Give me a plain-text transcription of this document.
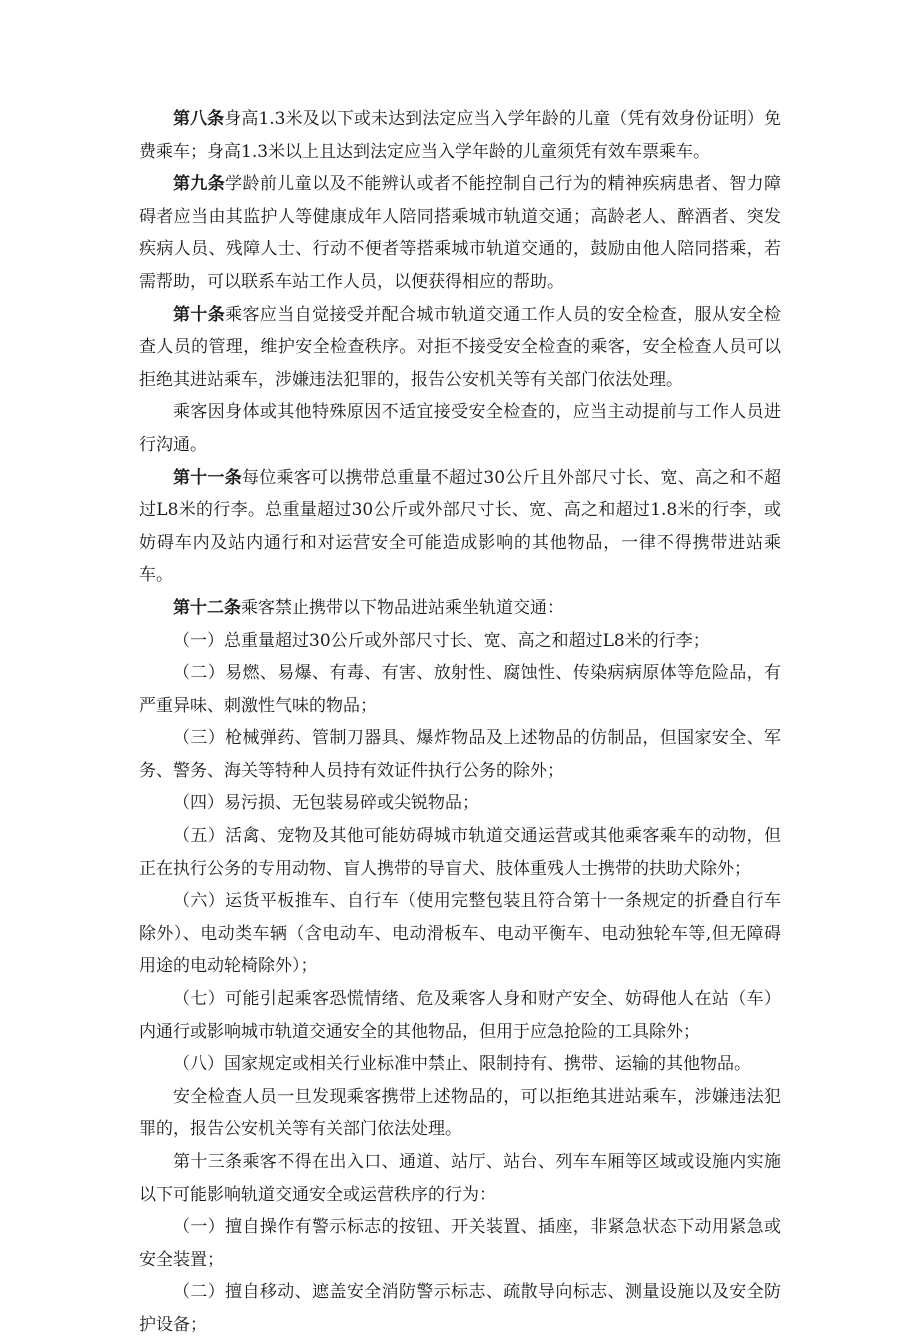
第八条身高1.3米及以下或未达到法定应当入学年龄的儿童（凭有效身份证明）免费乘车；身高1.3米以上且达到法定应当入学年龄的儿童须凭有效车票乘车。

第九条学龄前儿童以及不能辨认或者不能控制自己行为的精神疾病患者、智力障碍者应当由其监护人等健康成年人陪同搭乘城市轨道交通；高龄老人、醉酒者、突发疾病人员、残障人士、行动不便者等搭乘城市轨道交通的，鼓励由他人陪同搭乘，若需帮助，可以联系车站工作人员，以便获得相应的帮助。

第十条乘客应当自觉接受并配合城市轨道交通工作人员的安全检查，服从安全检查人员的管理，维护安全检查秩序。对拒不接受安全检查的乘客，安全检查人员可以拒绝其进站乘车，涉嫌违法犯罪的，报告公安机关等有关部门依法处理。

乘客因身体或其他特殊原因不适宜接受安全检查的，应当主动提前与工作人员进行沟通。

第十一条每位乘客可以携带总重量不超过30公斤且外部尺寸长、宽、高之和不超过L8米的行李。总重量超过30公斤或外部尺寸长、宽、高之和超过1.8米的行李，或妨碍车内及站内通行和对运营安全可能造成影响的其他物品，一律不得携带进站乘车。

第十二条乘客禁止携带以下物品进站乘坐轨道交通：

（一）总重量超过30公斤或外部尺寸长、宽、高之和超过L8米的行李；

（二）易燃、易爆、有毒、有害、放射性、腐蚀性、传染病病原体等危险品，有严重异味、刺激性气味的物品；

（三）枪械弹药、管制刀器具、爆炸物品及上述物品的仿制品，但国家安全、军务、警务、海关等特种人员持有效证件执行公务的除外；

（四）易污损、无包装易碎或尖锐物品；

（五）活禽、宠物及其他可能妨碍城市轨道交通运营或其他乘客乘车的动物，但正在执行公务的专用动物、盲人携带的导盲犬、肢体重残人士携带的扶助犬除外；

（六）运货平板推车、自行车（使用完整包装且符合第十一条规定的折叠自行车除外）、电动类车辆（含电动车、电动滑板车、电动平衡车、电动独轮车等,但无障碍用途的电动轮椅除外）；

（七）可能引起乘客恐慌情绪、危及乘客人身和财产安全、妨碍他人在站（车）内通行或影响城市轨道交通安全的其他物品，但用于应急抢险的工具除外；

（八）国家规定或相关行业标准中禁止、限制持有、携带、运输的其他物品。

安全检查人员一旦发现乘客携带上述物品的，可以拒绝其进站乘车，涉嫌违法犯罪的，报告公安机关等有关部门依法处理。

第十三条乘客不得在出入口、通道、站厅、站台、列车车厢等区域或设施内实施以下可能影响轨道交通安全或运营秩序的行为：

（一）擅自操作有警示标志的按钮、开关装置、插座，非紧急状态下动用紧急或安全装置；

（二）擅自移动、遮盖安全消防警示标志、疏散导向标志、测量设施以及安全防护设备；
